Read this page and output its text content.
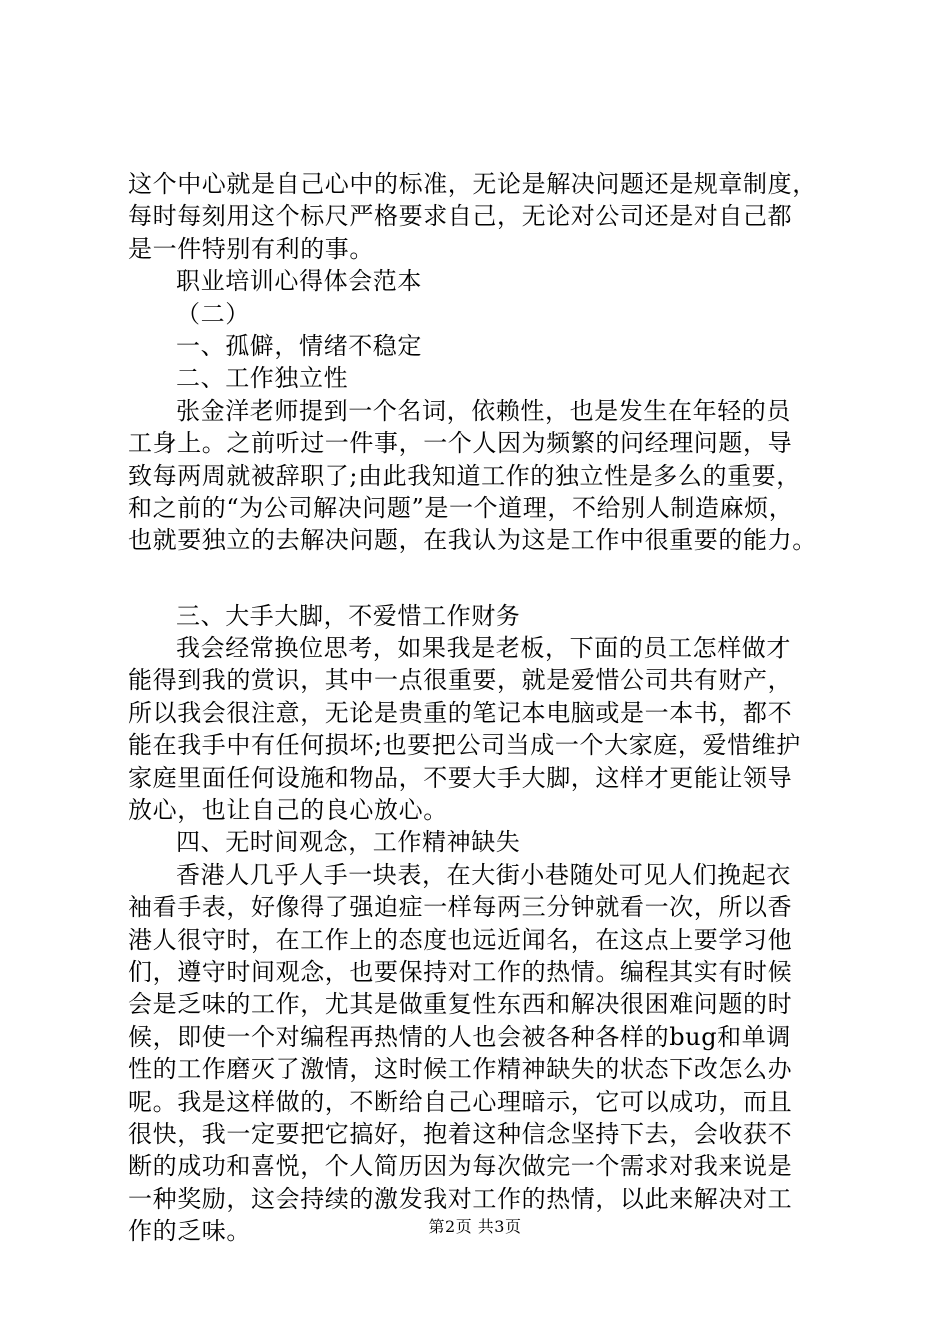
这个中心就是自己心中的标准，无论是解决问题还是规章制度，
每时每刻用这个标尺严格要求自己，无论对公司还是对自己都
是一件特别有利的事。
职业培训心得体会范本
（二）
一、孤僻，情绪不稳定
二、工作独立性
张金洋老师提到一个名词，依赖性，也是发生在年轻的员
工身上。之前听过一件事，一个人因为频繁的问经理问题，导
致每两周就被辞职了;由此我知道工作的独立性是多么的重要，
和之前的“为公司解决问题”是一个道理，不给别人制造麻烦，
也就要独立的去解决问题，在我认为这是工作中很重要的能力。
三、大手大脚，不爱惜工作财务
我会经常换位思考，如果我是老板，下面的员工怎样做才
能得到我的赏识，其中一点很重要，就是爱惜公司共有财产，
所以我会很注意，无论是贵重的笔记本电脑或是一本书，都不
能在我手中有任何损坏;也要把公司当成一个大家庭，爱惜维护
家庭里面任何设施和物品，不要大手大脚，这样才更能让领导
放心，也让自己的良心放心。
四、无时间观念，工作精神缺失
香港人几乎人手一块表，在大街小巷随处可见人们挽起衣
袖看手表，好像得了强迫症一样每两三分钟就看一次，所以香
港人很守时，在工作上的态度也远近闻名，在这点上要学习他
们，遵守时间观念，也要保持对工作的热情。编程其实有时候
会是乏味的工作，尤其是做重复性东西和解决很困难问题的时
候，即使一个对编程再热情的人也会被各种各样的bug和单调
性的工作磨灭了激情，这时候工作精神缺失的状态下改怎么办
呢。我是这样做的，不断给自己心理暗示，它可以成功，而且
很快，我一定要把它搞好，抱着这种信念坚持下去，会收获不
断的成功和喜悦，个人简历因为每次做完一个需求对我来说是
一种奖励，这会持续的激发我对工作的热情，以此来解决对工
作的乏味。	第2页 共3页
